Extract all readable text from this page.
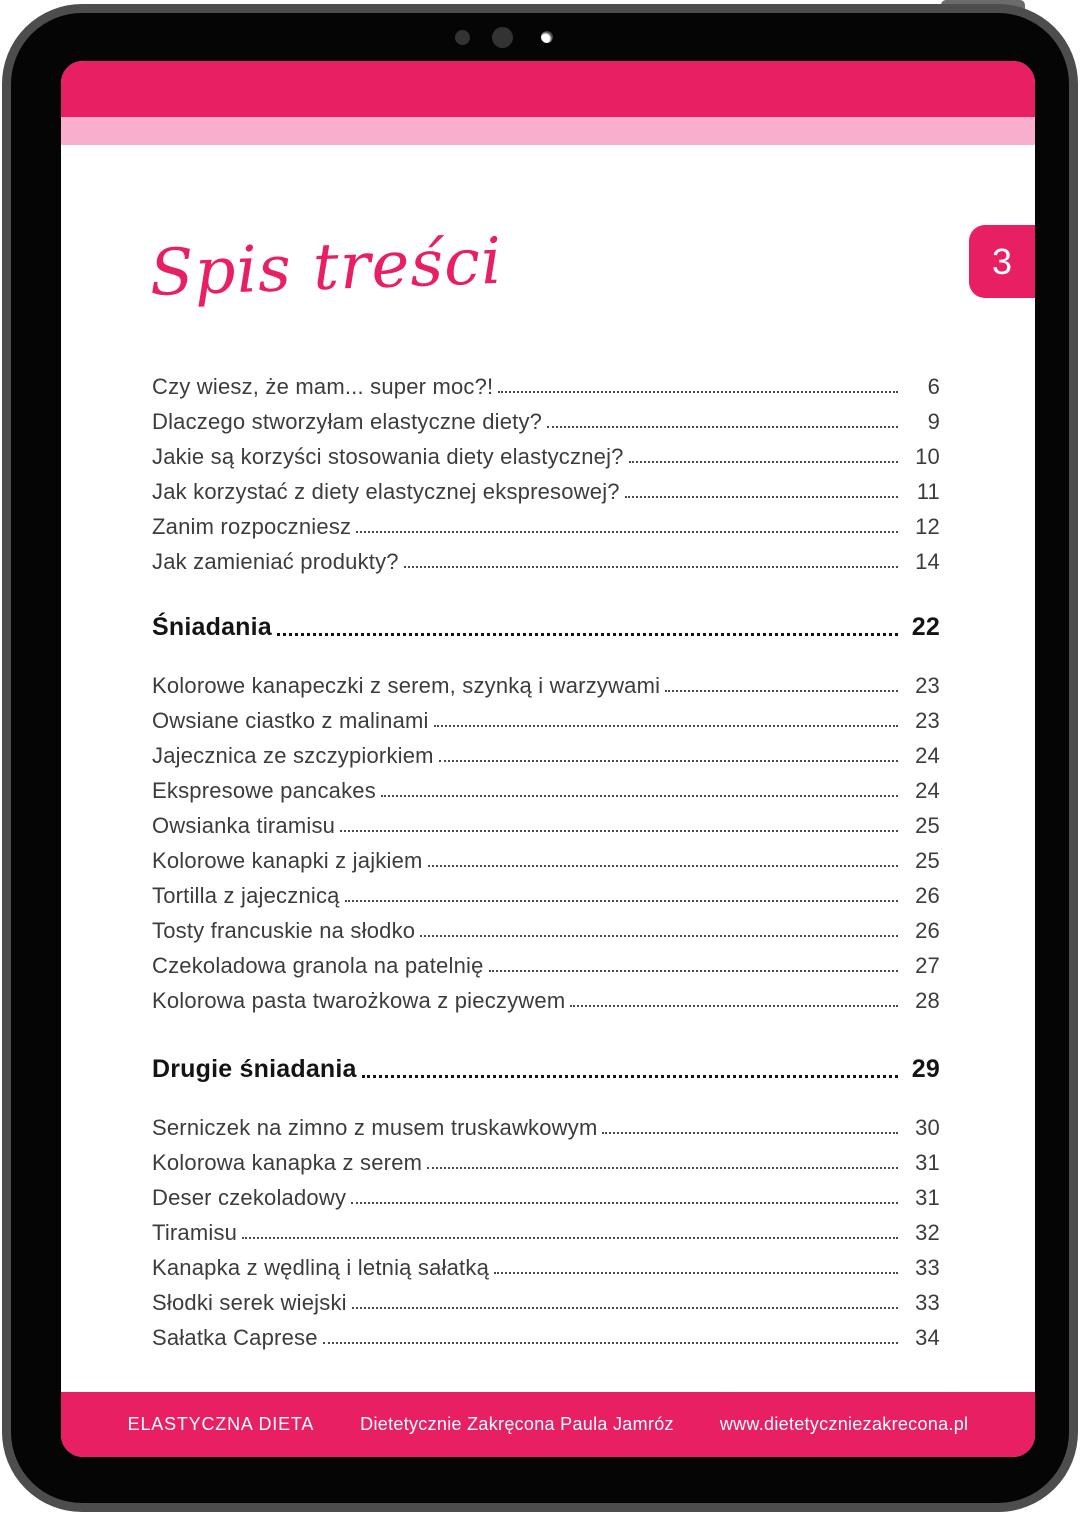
3
Spis treści
Czy wiesz, że mam... super moc?!	6
Dlaczego stworzyłam elastyczne diety?	9
Jakie są korzyści stosowania diety elastycznej?	10
Jak korzystać z diety elastycznej ekspresowej?	11
Zanim rozpoczniesz	12
Jak zamieniać produkty?	14
Śniadania	22
Kolorowe kanapeczki z serem, szynką i warzywami	23
Owsiane ciastko z malinami	23
Jajecznica ze szczypiorkiem	24
Ekspresowe pancakes	24
Owsianka tiramisu	25
Kolorowe kanapki z jajkiem	25
Tortilla z jajecznicą	26
Tosty francuskie na słodko	26
Czekoladowa granola na patelnię	27
Kolorowa pasta twarożkowa z pieczywem	28
Drugie śniadania	29
Serniczek na zimno z musem truskawkowym	30
Kolorowa kanapka z serem	31
Deser czekoladowy	31
Tiramisu	32
Kanapka z wędliną i letnią sałatką	33
Słodki serek wiejski	33
Sałatka Caprese	34
ELASTYCZNA DIETA	Dietetycznie Zakręcona Paula Jamróz	www.dietetyczniezakrecona.pl
